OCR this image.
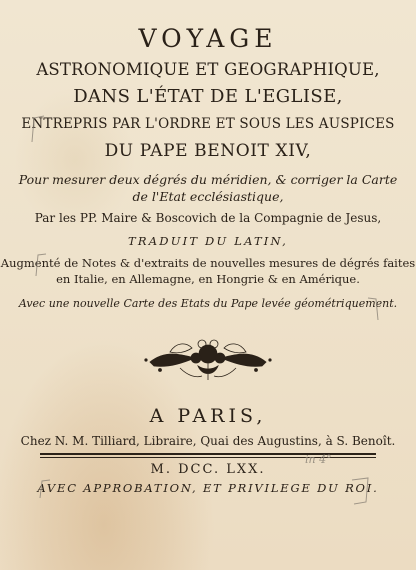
VOYAGE
ASTRONOMIQUE ET GEOGRAPHIQUE,
DANS L'ÉTAT DE L'EGLISE,
ENTREPRIS PAR L'ORDRE ET SOUS LES AUSPICES
DU PAPE BENOIT XIV,
Pour mesurer deux dégrés du méridien, & corriger la Carte
de l'Etat ecclésiastique,
Par les PP. Maire & Boscovich de la Compagnie de Jesus,
TRADUIT DU LATIN,
Augmenté de Notes & d'extraits de nouvelles mesures de dégrés faites
en Italie, en Allemagne, en Hongrie & en Amérique.
Avec une nouvelle Carte des Etats du Pape levée géométriquement.
A PARIS,
Chez N. M. Tilliard, Libraire, Quai des Augustins, à S. Benoît.
M. DCC. LXX.
AVEC APPROBATION, ET PRIVILEGE DU ROI.
in 4°
